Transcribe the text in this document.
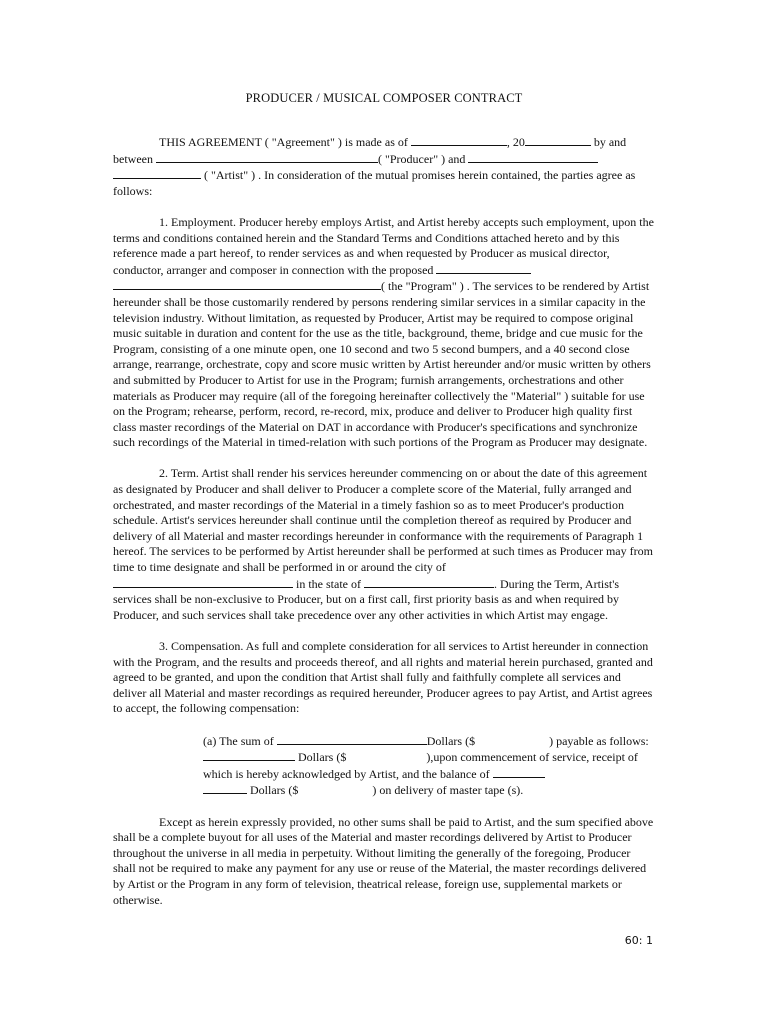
PRODUCER / MUSICAL COMPOSER CONTRACT

THIS AGREEMENT ( "Agreement" ) is made as of	, 20	by and
between	( "Producer" ) and
( "Artist" ) . In consideration of the mutual promises herein contained, the parties agree as follows:

1. Employment. Producer hereby employs Artist, and Artist hereby accepts such employment, upon the terms and conditions contained herein and the Standard Terms and Conditions attached hereto and by this reference made a part hereof, to render services as and when requested by Producer as musical director, conductor, arranger and composer in connection with the proposed
( the "Program" ) . The services to be rendered by Artist hereunder shall be those customarily rendered by persons rendering similar services in a similar capacity in the television industry. Without limitation, as requested by Producer, Artist may be required to compose original music suitable in duration and content for the use as the title, background, theme, bridge and cue music for the Program, consisting of a one minute open, one 10 second and two 5 second bumpers, and a 40 second close arrange, rearrange, orchestrate, copy and score music written by Artist hereunder and/or music written by others and submitted by Producer to Artist for use in the Program; furnish arrangements, orchestrations and other materials as Producer may require (all of the foregoing hereinafter collectively the "Material" ) suitable for use on the Program; rehearse, perform, record, re-record, mix, produce and deliver to Producer high quality first class master recordings of the Material on DAT in accordance with Producer's specifications and synchronize such recordings of the Material in timed-relation with such portions of the Program as Producer may designate.

2. Term. Artist shall render his services hereunder commencing on or about the date of this agreement as designated by Producer and shall deliver to Producer a complete score of the Material, fully arranged and orchestrated, and master recordings of the Material in a timely fashion so as to meet Producer's production schedule. Artist's services hereunder shall continue until the completion thereof as required by Producer and delivery of all Material and master recordings hereunder in conformance with the requirements of Paragraph 1 hereof. The services to be performed by Artist hereunder shall be performed at such times as Producer may from time to time designate and shall be performed in or around the city of
in the state of	. During the Term, Artist's services shall be non-exclusive to Producer, but on a first call, first priority basis as and when required by Producer, and such services shall take precedence over any other activities in which Artist may engage.

3. Compensation. As full and complete consideration for all services to Artist hereunder in connection with the Program, and the results and proceeds thereof, and all rights and material herein purchased, granted and agreed to be granted, and upon the condition that Artist shall fully and faithfully complete all services and deliver all Material and master recordings as required hereunder, Producer agrees to pay Artist, and Artist agrees to accept, the following compensation:

(a) The sum of	Dollars ($	) payable as follows:  Dollars ($	),upon commencement of service, receipt of which is hereby acknowledged by Artist, and the balance of
Dollars ($	) on delivery of master tape (s).

Except as herein expressly provided, no other sums shall be paid to Artist, and the sum specified above shall be a complete buyout for all uses of the Material and master recordings delivered by Artist to Producer throughout the universe in all media in perpetuity. Without limiting the generally of the foregoing, Producer shall not be required to make any payment for any use or reuse of the Material, the master recordings delivered by Artist or the Program in any form of television, theatrical release, foreign use, supplemental markets or otherwise.

60: 1
